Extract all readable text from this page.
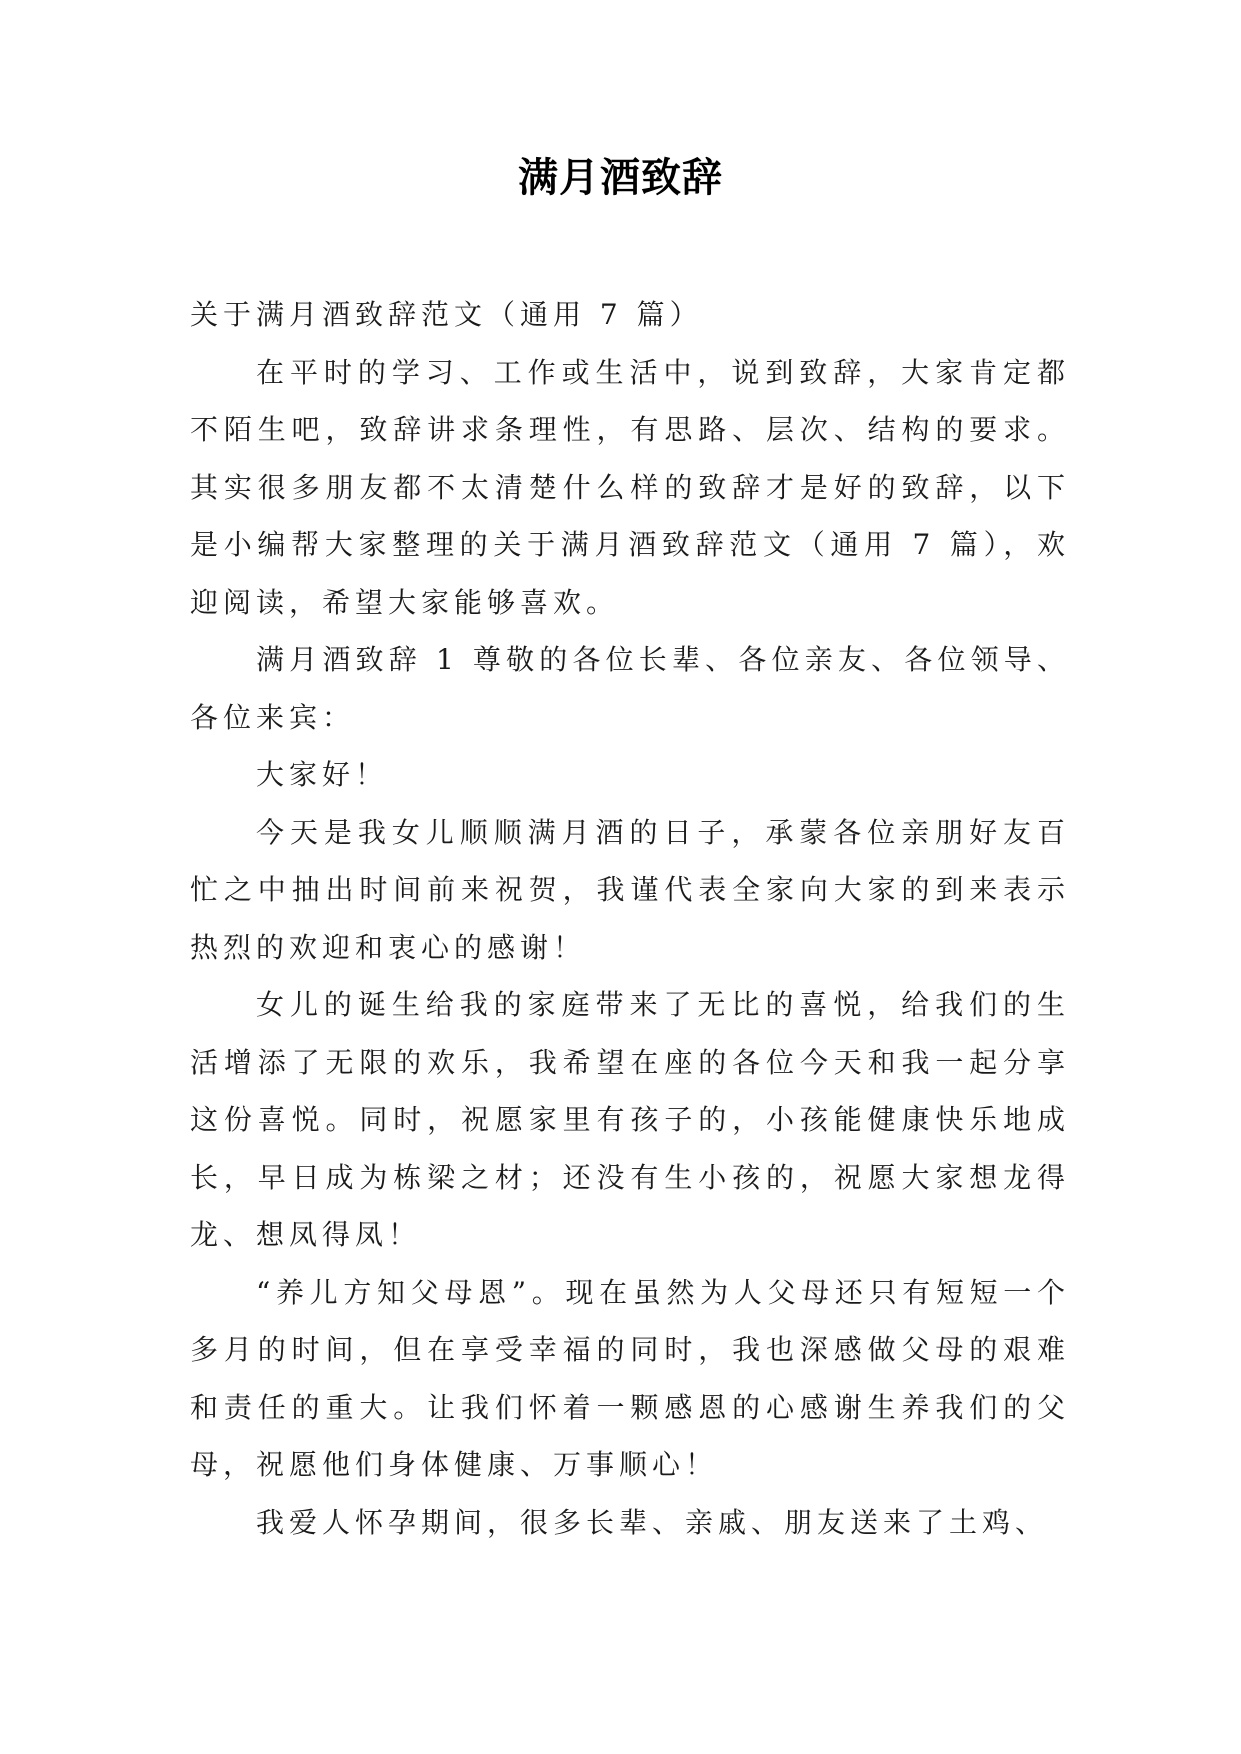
满月酒致辞

关于满月酒致辞范文（通用 7 篇）

在平时的学习、工作或生活中，说到致辞，大家肯定都不陌生吧，致辞讲求条理性，有思路、层次、结构的要求。其实很多朋友都不太清楚什么样的致辞才是好的致辞，以下是小编帮大家整理的关于满月酒致辞范文（通用 7 篇），欢迎阅读，希望大家能够喜欢。

满月酒致辞 1 尊敬的各位长辈、各位亲友、各位领导、各位来宾：

大家好！

今天是我女儿顺顺满月酒的日子，承蒙各位亲朋好友百忙之中抽出时间前来祝贺，我谨代表全家向大家的到来表示热烈的欢迎和衷心的感谢！

女儿的诞生给我的家庭带来了无比的喜悦，给我们的生活增添了无限的欢乐，我希望在座的各位今天和我一起分享这份喜悦。同时，祝愿家里有孩子的，小孩能健康快乐地成长，早日成为栋梁之材；还没有生小孩的，祝愿大家想龙得龙、想凤得凤！

“养儿方知父母恩”。现在虽然为人父母还只有短短一个多月的时间，但在享受幸福的同时，我也深感做父母的艰难和责任的重大。让我们怀着一颗感恩的心感谢生养我们的父母，祝愿他们身体健康、万事顺心！

我爱人怀孕期间，很多长辈、亲戚、朋友送来了土鸡、
